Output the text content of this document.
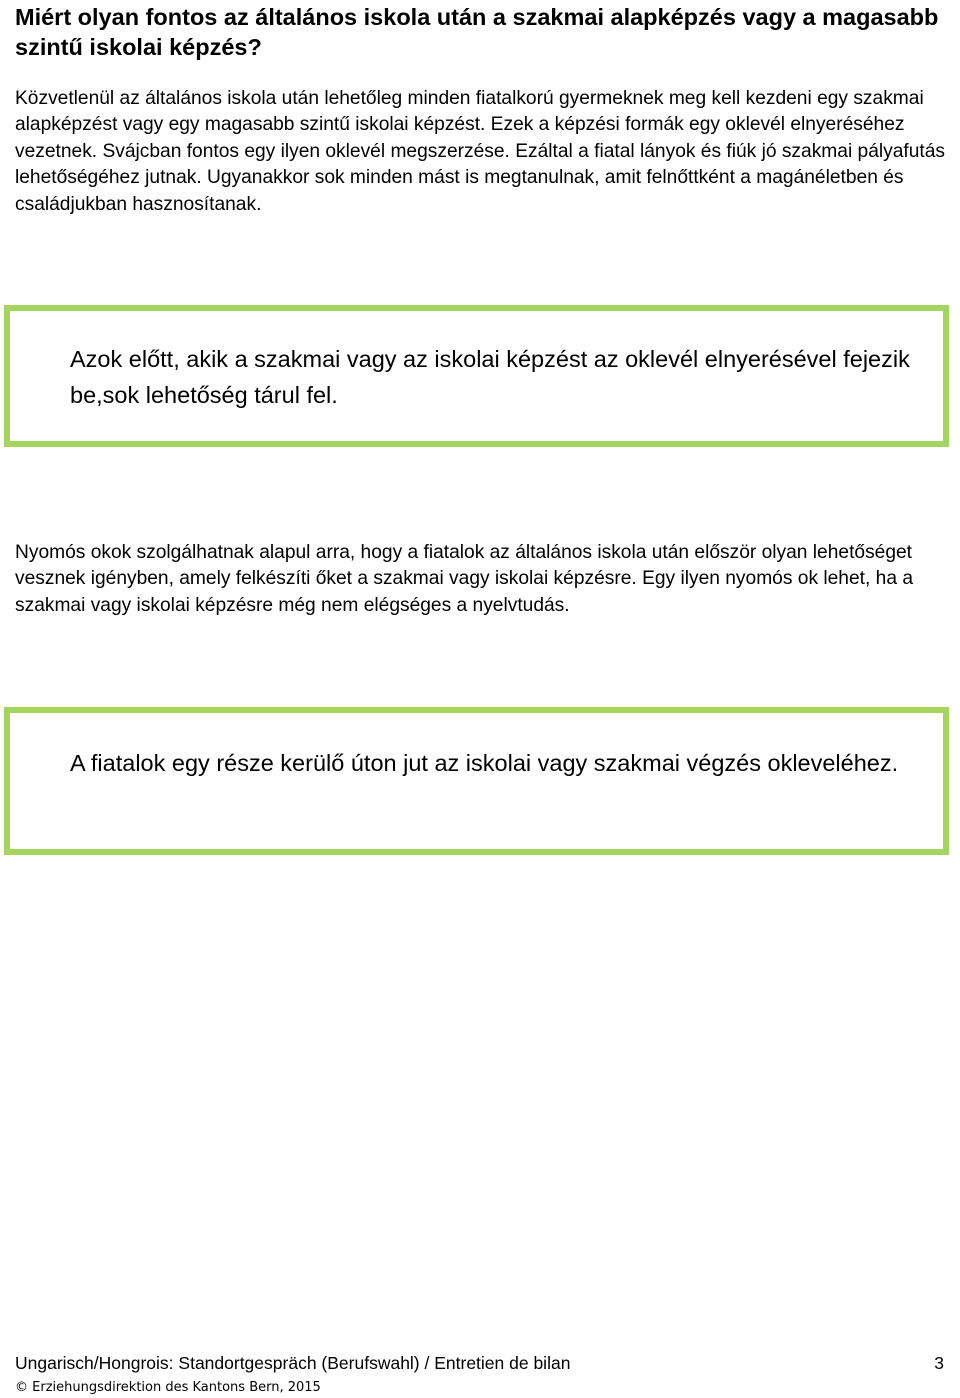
Miért olyan fontos az általános iskola után a szakmai alapképzés vagy a magasabb szintű iskolai képzés?

Közvetlenül az általános iskola után lehetőleg minden fiatalkorú gyermeknek meg kell kezdeni egy szakmai alapképzést vagy egy magasabb szintű iskolai képzést. Ezek a képzési formák egy oklevél elnyeréséhez vezetnek. Svájcban fontos egy ilyen oklevél megszerzése. Ezáltal a fiatal lányok és fiúk jó szakmai pályafutás lehetőségéhez jutnak. Ugyanakkor sok minden mást is megtanulnak, amit felnőttként a magánéletben és családjukban hasznosítanak.

Azok előtt, akik a szakmai vagy az iskolai képzést az oklevél elnyerésével fejezik be,sok lehetőség tárul fel.

Nyomós okok szolgálhatnak alapul arra, hogy a fiatalok az általános iskola után először olyan lehetőséget vesznek igényben, amely felkészíti őket a szakmai vagy iskolai képzésre. Egy ilyen nyomós ok lehet, ha a szakmai vagy iskolai képzésre még nem elégséges a nyelvtudás.

A fiatalok egy része kerülő úton jut az iskolai vagy szakmai végzés okleveléhez.

Ungarisch/Hongrois: Standortgespräch (Berufswahl) / Entretien de bilan	3
© Erziehungsdirektion des Kantons Bern, 2015
